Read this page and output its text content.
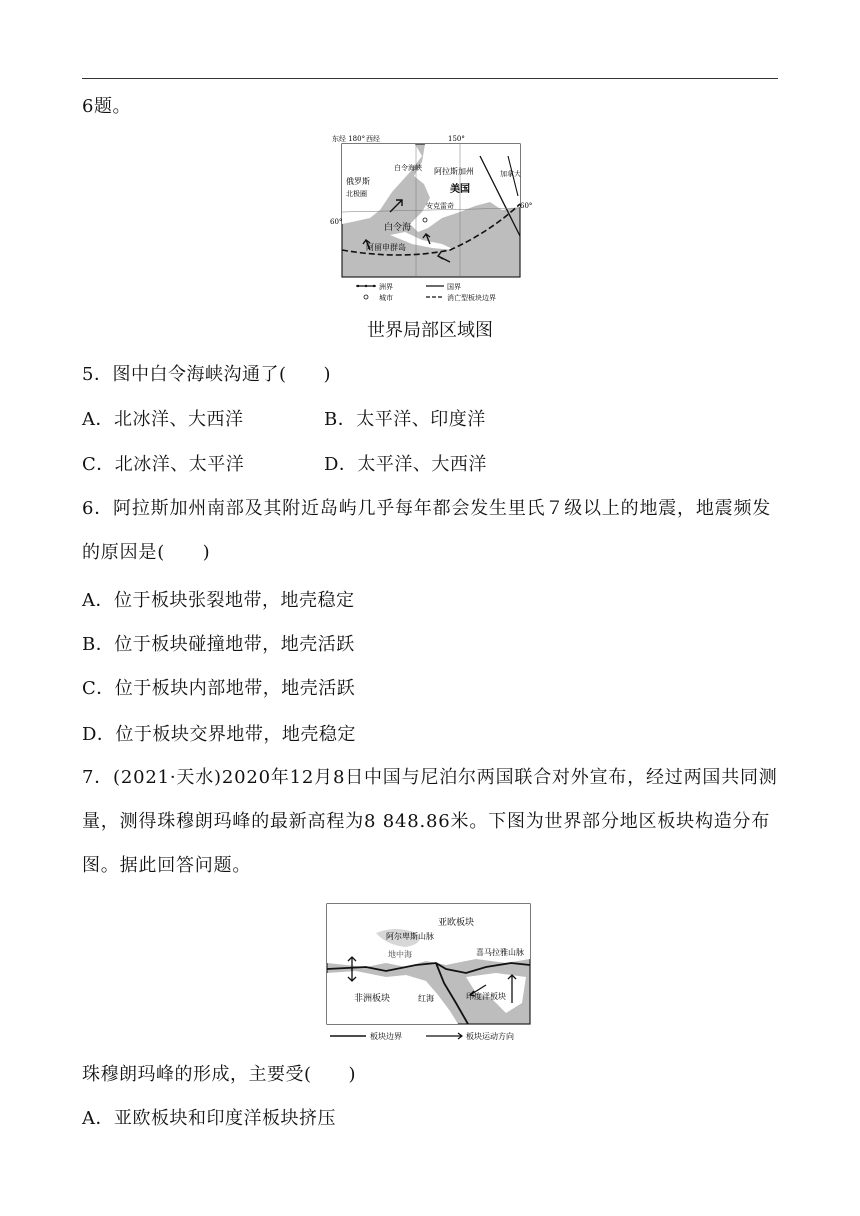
6题。
东经 180° 西经	150°
60°
60°
俄罗斯
北极圈
白令海峡 阿拉斯加州
美国
加拿大
安克雷奇
白令海
阿留申群岛
洲界	国界
城市	消亡型板块边界
世界局部区域图
5．图中白令海峡沟通了(　　)
A．北冰洋、大西洋	B．太平洋、印度洋
C．北冰洋、太平洋	D．太平洋、大西洋
6．阿拉斯加州南部及其附近岛屿几乎每年都会发生里氏７级以上的地震，地震频发的原因是(　　)
A．位于板块张裂地带，地壳稳定
B．位于板块碰撞地带，地壳活跃
C．位于板块内部地带，地壳活跃
D．位于板块交界地带，地壳稳定
7．(2021·天水)2020年12月8日中国与尼泊尔两国联合对外宣布，经过两国共同测量，测得珠穆朗玛峰的最新高程为8 848.86米。下图为世界部分地区板块构造分布图。据此回答问题。
亚欧板块
阿尔卑斯山脉
地中海	喜马拉雅山脉
非洲板块	红海	印度洋板块
板块边界	板块运动方向
珠穆朗玛峰的形成，主要受(　　)
A．亚欧板块和印度洋板块挤压
